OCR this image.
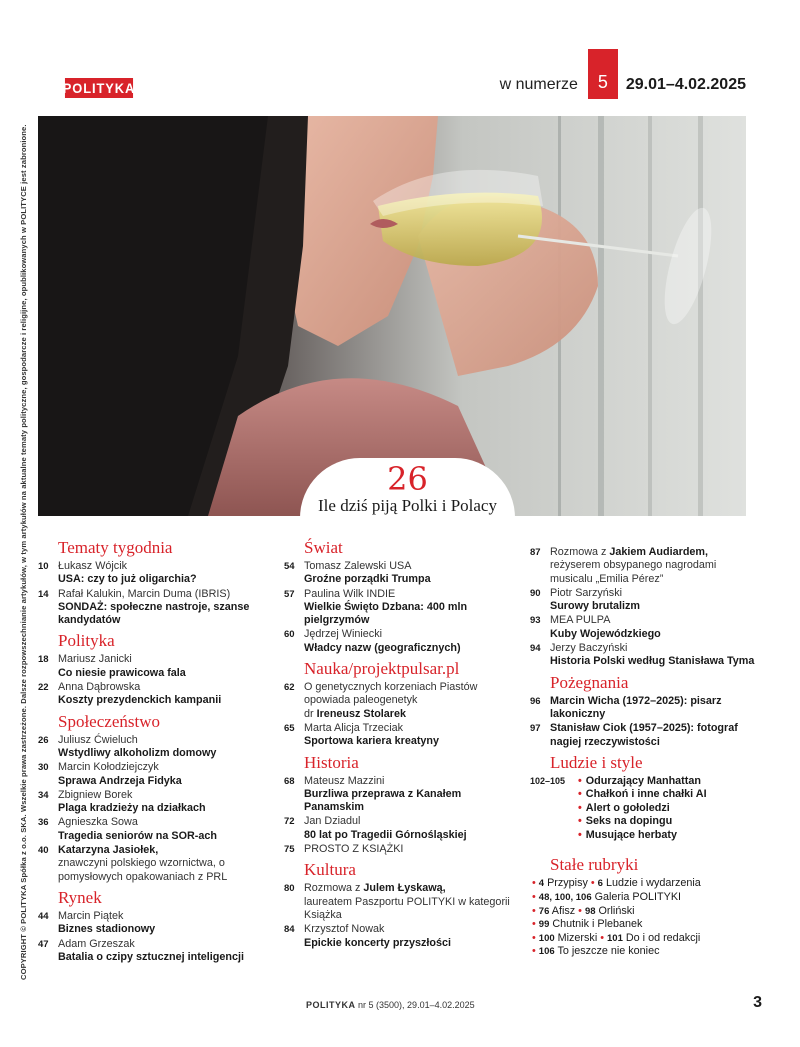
POLITYKA	w numerze	5	29.01–4.02.2025
COPYRIGHT © POLITYKA Spółka z o.o. SKA. Wszelkie prawa zastrzeżone. Dalsze rozpowszechnianie artykułów, w tym artykułów na aktualne tematy polityczne, gospodarcze i religijne, opublikowanych w POLITYCE jest zabronione.	26
Ile dziś piją Polki i Polacy
Tematy tygodnia
10 Łukasz Wójcik
USA: czy to już oligarchia?
14 Rafał Kalukin, Marcin Duma (IBRIS)
SONDAŻ: społeczne nastroje, szanse kandydatów
Polityka
18 Mariusz Janicki
Co niesie prawicowa fala
22 Anna Dąbrowska
Koszty prezydenckich kampanii
Społeczeństwo
26 Juliusz Ćwieluch
Wstydliwy alkoholizm domowy
30 Marcin Kołodziejczyk
Sprawa Andrzeja Fidyka
34 Zbigniew Borek
Plaga kradzieży na działkach
36 Agnieszka Sowa
Tragedia seniorów na SOR-ach
40 Katarzyna Jasiołek,
znawczyni polskiego wzornictwa, o pomysłowych opakowaniach z PRL
Rynek
44 Marcin Piątek
Biznes stadionowy
47 Adam Grzeszak
Batalia o czipy sztucznej inteligencji
Świat
54 Tomasz Zalewski USA
Groźne porządki Trumpa
57 Paulina Wilk INDIE
Wielkie Święto Dzbana: 400 mln pielgrzymów
60 Jędrzej Winiecki
Władcy nazw (geograficznych)
Nauka/projektpulsar.pl
62 O genetycznych korzeniach Piastów opowiada paleogenetyk
dr Ireneusz Stolarek
65 Marta Alicja Trzeciak
Sportowa kariera kreatyny
Historia
68 Mateusz Mazzini
Burzliwa przeprawa z Kanałem Panamskim
72 Jan Dziadul
80 lat po Tragedii Górnośląskiej
75 PROSTO Z KSIĄŻKI
Kultura
80 Rozmowa z Julem Łyskawą,
laureatem Paszportu POLITYKI w kategorii Książka
84 Krzysztof Nowak
Epickie koncerty przyszłości
87 Rozmowa z Jakiem Audiardem,
reżyserem obsypanego nagrodami musicalu „Emilia Pérez”
90 Piotr Sarzyński
Surowy brutalizm
93 MEA PULPA
Kuby Wojewódzkiego
94 Jerzy Baczyński
Historia Polski według Stanisława Tyma
Pożegnania
96 Marcin Wicha (1972–2025): pisarz lakoniczny
97 Stanisław Ciok (1957–2025): fotograf nagiej rzeczywistości
Ludzie i style
102–105
•	Odurzający Manhattan
• Chałkoń i inne chałki AI
• Alert o gołoledzi
• Seks na dopingu
• Musujące herbaty
Stałe rubryki
• 4 Przypisy • 6 Ludzie i wydarzenia
• 48, 100, 106 Galeria POLITYKI
• 76 Afisz • 98 Orliński
• 99 Chutnik i Plebanek
• 100 Mizerski • 101 Do i od redakcji
• 106 To jeszcze nie koniec
POLITYKA nr 5 (3500), 29.01–4.02.2025	3
